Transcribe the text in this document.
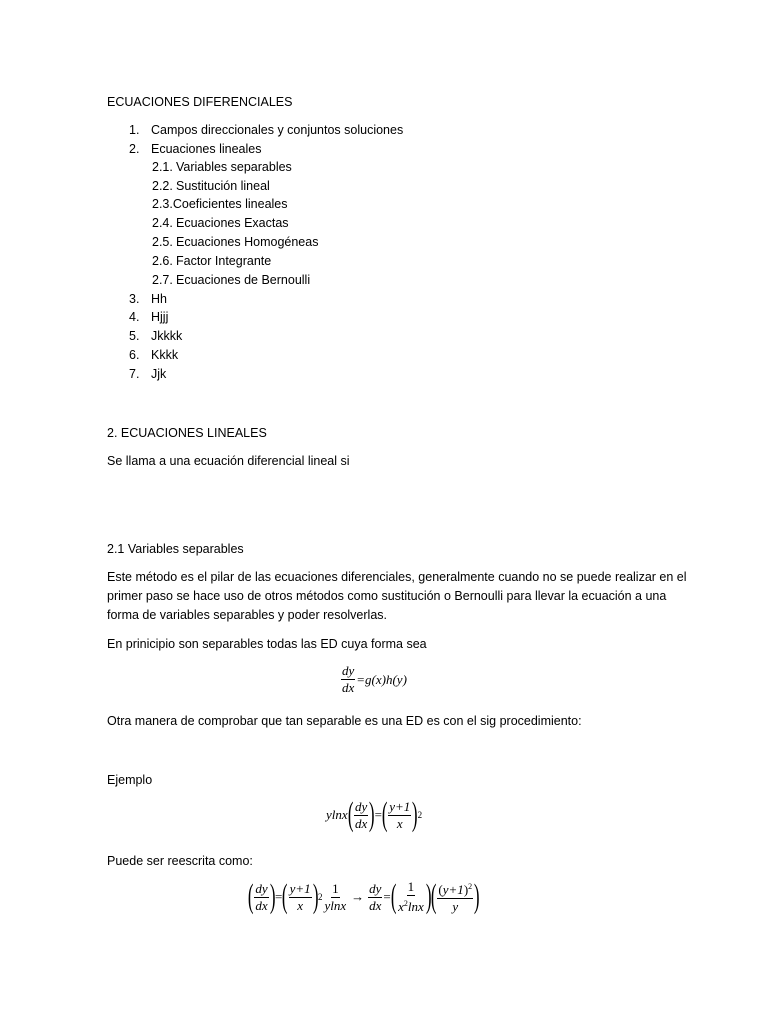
ECUACIONES DIFERENCIALES
1. Campos direccionales y conjuntos soluciones
2. Ecuaciones lineales
2.1. Variables separables
2.2. Sustitución lineal
2.3.Coeficientes lineales
2.4. Ecuaciones Exactas
2.5. Ecuaciones Homogéneas
2.6. Factor Integrante
2.7. Ecuaciones de Bernoulli
3. Hh
4. Hjjj
5. Jkkkk
6. Kkkk
7. Jjk
2. ECUACIONES LINEALES
Se llama a una ecuación diferencial lineal si
2.1 Variables separables
Este método es el pilar de las ecuaciones diferenciales, generalmente cuando no se puede realizar en el primer paso se hace uso de otros métodos como sustitución o Bernoulli para llevar la ecuación a una forma de variables separables y poder resolverlas.
En prinicipio son separables todas las ED cuya forma sea
$\frac{dy}{dx} =g(x)h(y)$
Otra manera de comprobar que tan separable es una ED es con el sig procedimiento:
Ejemplo
ylnx ( $\frac{dy}{dx}$ ) = ( $\frac{y+1}{x}$ ) 2
Puede ser reescrita como:
( $\frac{dy}{dx}$ ) = ( $\frac{y+1}{x}$ ) $2 \frac{1}{ylnx} \to \frac{dy}{dx}$ = ( $\frac{1}{x^2\ln x}$ ) ( $\frac{(y+1)^2}{y}$ )
